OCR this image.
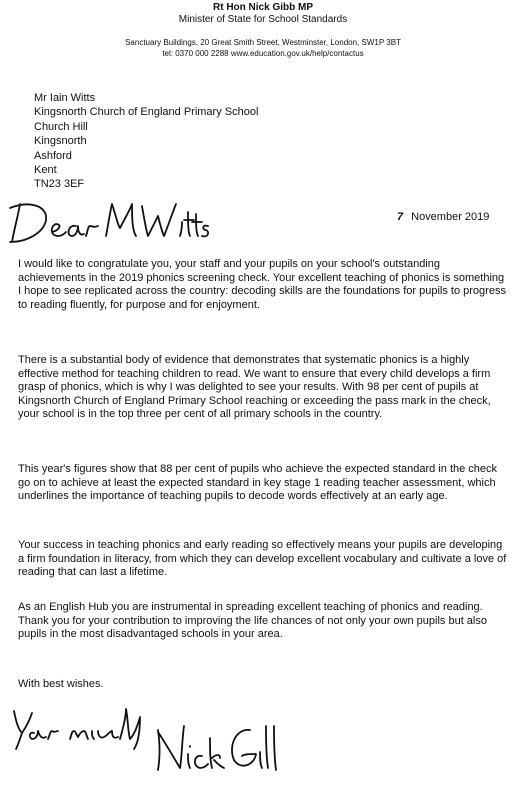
Rt Hon Nick Gibb MP
Minister of State for School Standards
Sanctuary Buildings, 20 Great Smith Street, Westminster, London, SW1P 3BT
tel: 0370 000 2288 www.education.gov.uk/help/contactus
Mr Iain Witts
Kingsnorth Church of England Primary School
Church Hill
Kingsnorth
Ashford
Kent
TN23 3EF
7 November 2019
I would like to congratulate you, your staff and your pupils on your school's outstanding achievements in the 2019 phonics screening check. Your excellent teaching of phonics is something I hope to see replicated across the country: decoding skills are the foundations for pupils to progress to reading fluently, for purpose and for enjoyment.
There is a substantial body of evidence that demonstrates that systematic phonics is a highly effective method for teaching children to read. We want to ensure that every child develops a firm grasp of phonics, which is why I was delighted to see your results. With 98 per cent of pupils at Kingsnorth Church of England Primary School reaching or exceeding the pass mark in the check, your school is in the top three per cent of all primary schools in the country.
This year's figures show that 88 per cent of pupils who achieve the expected standard in the check go on to achieve at least the expected standard in key stage 1 reading teacher assessment, which underlines the importance of teaching pupils to decode words effectively at an early age.
Your success in teaching phonics and early reading so effectively means your pupils are developing a firm foundation in literacy, from which they can develop excellent vocabulary and cultivate a love of reading that can last a lifetime.
As an English Hub you are instrumental in spreading excellent teaching of phonics and reading. Thank you for your contribution to improving the life chances of not only your own pupils but also pupils in the most disadvantaged schools in your area.
With best wishes.
